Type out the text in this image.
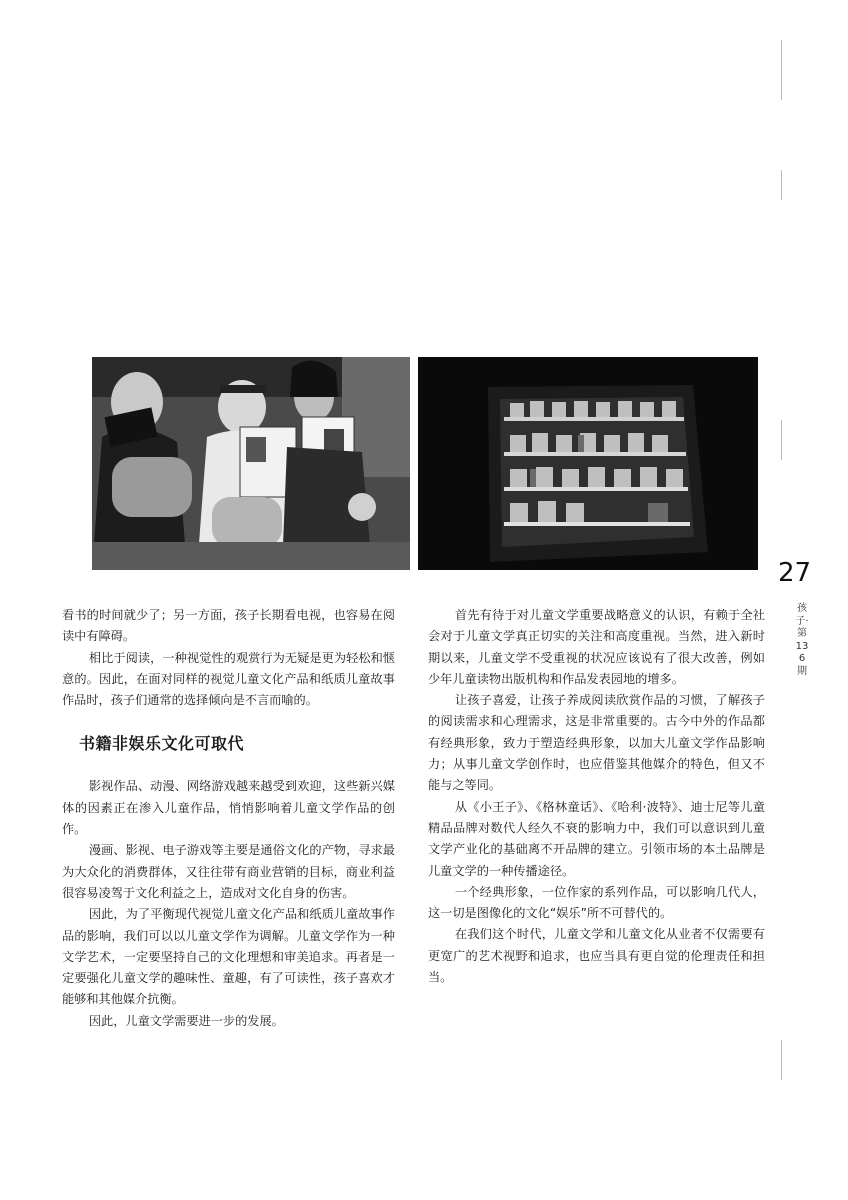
27
孩子·第136期

看书的时间就少了；另一方面，孩子长期看电视，也容易在阅读中有障碍。

相比于阅读，一种视觉性的观赏行为无疑是更为轻松和惬意的。因此，在面对同样的视觉儿童文化产品和纸质儿童故事作品时，孩子们通常的选择倾向是不言而喻的。

书籍非娱乐文化可取代

影视作品、动漫、网络游戏越来越受到欢迎，这些新兴媒体的因素正在渗入儿童作品，悄悄影响着儿童文学作品的创作。

漫画、影视、电子游戏等主要是通俗文化的产物，寻求最为大众化的消费群体，又往往带有商业营销的目标，商业利益很容易凌驾于文化利益之上，造成对文化自身的伤害。

因此，为了平衡现代视觉儿童文化产品和纸质儿童故事作品的影响，我们可以以儿童文学作为调解。儿童文学作为一种文学艺术，一定要坚持自己的文化理想和审美追求。再者是一定要强化儿童文学的趣味性、童趣，有了可读性，孩子喜欢才能够和其他媒介抗衡。

因此，儿童文学需要进一步的发展。

首先有待于对儿童文学重要战略意义的认识，有赖于全社会对于儿童文学真正切实的关注和高度重视。当然，进入新时期以来，儿童文学不受重视的状况应该说有了很大改善，例如少年儿童读物出版机构和作品发表园地的增多。

让孩子喜爱，让孩子养成阅读欣赏作品的习惯，了解孩子的阅读需求和心理需求，这是非常重要的。古今中外的作品都有经典形象，致力于塑造经典形象，以加大儿童文学作品影响力；从事儿童文学创作时，也应借鉴其他媒介的特色，但又不能与之等同。

从《小王子》、《格林童话》、《哈利·波特》、迪士尼等儿童精品品牌对数代人经久不衰的影响力中，我们可以意识到儿童文学产业化的基础离不开品牌的建立。引领市场的本土品牌是儿童文学的一种传播途径。

一个经典形象，一位作家的系列作品，可以影响几代人，这一切是图像化的文化“娱乐”所不可替代的。

在我们这个时代，儿童文学和儿童文化从业者不仅需要有更宽广的艺术视野和追求，也应当具有更自觉的伦理责任和担当。
